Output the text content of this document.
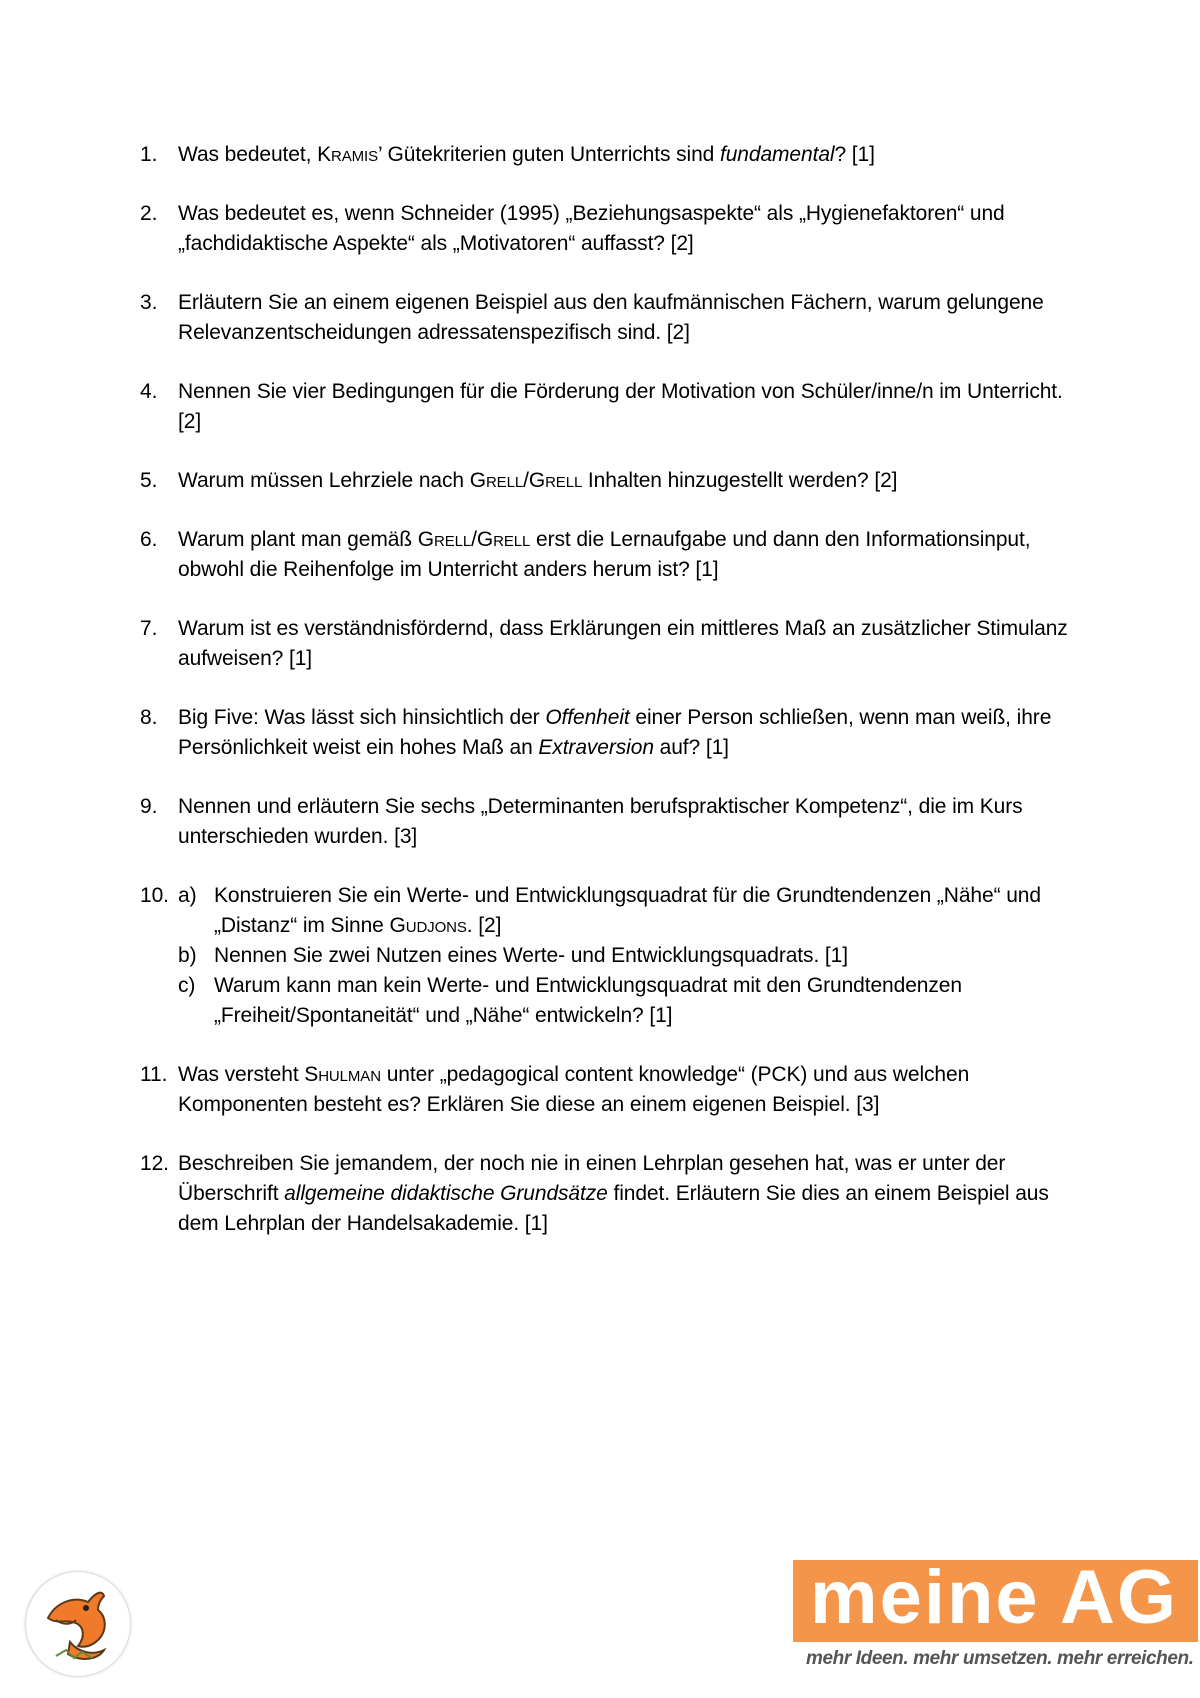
1. Was bedeutet, Kramis’ Gütekriterien guten Unterrichts sind fundamental? [1]
2. Was bedeutet es, wenn Schneider (1995) „Beziehungsaspekte“ als „Hygienefaktoren“ und „fachdidaktische Aspekte“ als „Motivatoren“ auffasst? [2]
3. Erläutern Sie an einem eigenen Beispiel aus den kaufmännischen Fächern, warum gelungene Relevanzentscheidungen adressatenspezifisch sind. [2]
4. Nennen Sie vier Bedingungen für die Förderung der Motivation von Schüler/inne/n im Unterricht. [2]
5. Warum müssen Lehrziele nach Grell/Grell Inhalten hinzugestellt werden? [2]
6. Warum plant man gemäß Grell/Grell erst die Lernaufgabe und dann den Informationsinput, obwohl die Reihenfolge im Unterricht anders herum ist? [1]
7. Warum ist es verständnisfördernd, dass Erklärungen ein mittleres Maß an zusätzlicher Stimulanz aufweisen? [1]
8. Big Five: Was lässt sich hinsichtlich der Offenheit einer Person schließen, wenn man weiß, ihre Persönlichkeit weist ein hohes Maß an Extraversion auf? [1]
9. Nennen und erläutern Sie sechs „Determinanten berufspraktischer Kompetenz“, die im Kurs unterschieden wurden. [3]
10. a) Konstruieren Sie ein Werte- und Entwicklungsquadrat für die Grundtendenzen „Nähe“ und „Distanz“ im Sinne Gudjons. [2]
b) Nennen Sie zwei Nutzen eines Werte- und Entwicklungsquadrats. [1]
c) Warum kann man kein Werte- und Entwicklungsquadrat mit den Grundtendenzen „Freiheit/Spontaneität“ und „Nähe“ entwickeln? [1]
11. Was versteht Shulman unter „pedagogical content knowledge“ (PCK) und aus welchen Komponenten besteht es? Erklären Sie diese an einem eigenen Beispiel. [3]
12. Beschreiben Sie jemandem, der noch nie in einen Lehrplan gesehen hat, was er unter der Überschrift allgemeine didaktische Grundsätze findet. Erläutern Sie dies an einem Beispiel aus dem Lehrplan der Handelsakademie. [1]
meine AG
mehr Ideen. mehr umsetzen. mehr erreichen.
